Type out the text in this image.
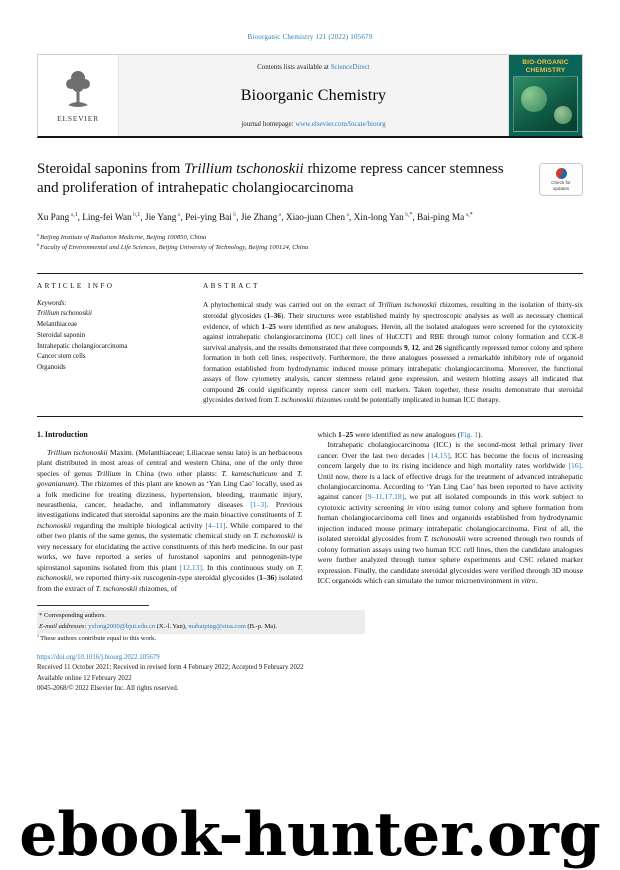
Bioorganic Chemistry 121 (2022) 105679
ELSEVIER
Contents lists available at ScienceDirect
Bioorganic Chemistry
journal homepage: www.elsevier.com/locate/bioorg
BIO-ORGANIC
CHEMISTRY
Steroidal saponins from Trillium tschonoskii rhizome repress cancer stemness and proliferation of intrahepatic cholangiocarcinoma	Check for
updates
Xu Pang $^{a,1}$, Ling-fei Wan $^{b,1}$, Jie Yang $^a$, Pei-ying Bai $^b$, Jie Zhang $^a$, Xiao-juan Chen $^a$, Xin-long Yan $^{b,*}$, Bai-ping Ma $^{a,*}$
$^a$ Beijing Institute of Radiation Medicine, Beijing 100850, China
$^b$ Faculty of Environmental and Life Sciences, Beijing University of Technology, Beijing 100124, China
ARTICLE INFO
Keywords:
Trillium tschonoskii
Melanthiaceae
Steroidal saponin
Intrahepatic cholangiocarcinoma
Cancer stem cells
Organoids
ABSTRACT

A phytochemical study was carried out on the extract of Trillium tschonoskii rhizomes, resulting in the isolation of thirty-six steroidal glycosides (1–36). Their structures were established mainly by spectroscopic analyses as well as necessary chemical evidence, of which 1–25 were identified as new analogues. Herein, all the isolated analogues were screened for the cytotoxicity against intrahepatic cholangiocarcinoma (ICC) cell lines of HuCCT1 and RBE through tumor colony formation and CCK-8 survival analysis, and the results demonstrated that three compounds 9, 12, and 26 significantly repressed tumor colony and sphere formation in both cell lines, respectively. Furthermore, the three analogues possessed a remarkable inhibitory role of organoid formation established from hydrodynamic induced mouse primary intrahepatic cholangiocarcinoma. Moreover, the functional assays of flow cytometry analysis, cancer stemness related gene expression, and western blotting assays all indicated that compound 26 could significantly repress cancer stem cell markers. Taken together, these results demonstrate that steroidal glycosides derived from T. tschonoskii rhizomes could be potentially implicated in human ICC therapy.

1. Introduction

Trillium tschonoskii Maxim. (Melanthiaceae; Liliaceae sensu lato) is an herbaceous plant distributed in most areas of central and western China, one of the only three species of genus Trillium in China (two other plants: T. kamtschaticum and T. govanianum). The rhizomes of this plant are known as ‘Yan Ling Cao’ locally, used as a folk medicine for treating dizziness, hypertension, bleeding, traumatic injury, neurasthenia, cancer, headache, and inflammatory diseases [1–3]. Previous investigations indicated that steroidal saponins are the main bioactive constituents of T. tschonoskii regarding the multiple biological activity [4–11]. While compared to the other two plants of the same genus, the systematic chemical study on T. tschonoskii is very necessary for elucidating the active constituents of this herb medicine. In our past works, we have reported a series of furostanol saponins and pennogenin-type spirostanol saponins isolated from this plant [12,13]. In this continuous study on T. tschonoskii, we reported thirty-six ruscogenin-type steroidal glycosides (1–36) isolated from the extract of T. tschonoskii rhizomes, of

which 1–25 were identified as new analogues (Fig. 1).

Intrahepatic cholangiocarcinoma (ICC) is the second-most lethal primary liver cancer. Over the last two decades [14,15], ICC has become the focus of increasing concern largely due to its rising incidence and high mortality rates worldwide [16]. Until now, there is a lack of effective drugs for the treatment of advanced intrahepatic cholangiocarcinoma. According to ‘Yan Ling Cao’ has been reported to have activity against cancer [9–11,17,18], we put all isolated compounds in this work subject to cytotoxic activity screening in vitro using tumor colony and sphere formation from human cholangiocarcinoma cell lines and organoids established from hydrodynamic injection induced mouse primary intrahepatic cholangiocarcinoma. First of all, the isolated steroidal glycosides from T. tschonoskii were screened through two rounds of colony formation assays using two human ICC cell lines, then the candidate analogues were further analyzed through tumor sphere experiments and CSC related marker expression. Finally, the candidate steroidal glycosides were verified through 3D mouse ICC organoids which can simulate the tumor microenvironment in vitro.

* Corresponding authors.
E-mail addresses: yxlong2000@bjut.edu.cn (X.-l. Yan), mabaiping@sina.com (B.-p. Ma).
$^1$ These authors contribute equal to this work.
https://doi.org/10.1016/j.bioorg.2022.105679
Received 11 October 2021; Received in revised form 4 February 2022; Accepted 9 February 2022
Available online 12 February 2022
0045-2068/© 2022 Elsevier Inc. All rights reserved.
ebook-hunter.org
